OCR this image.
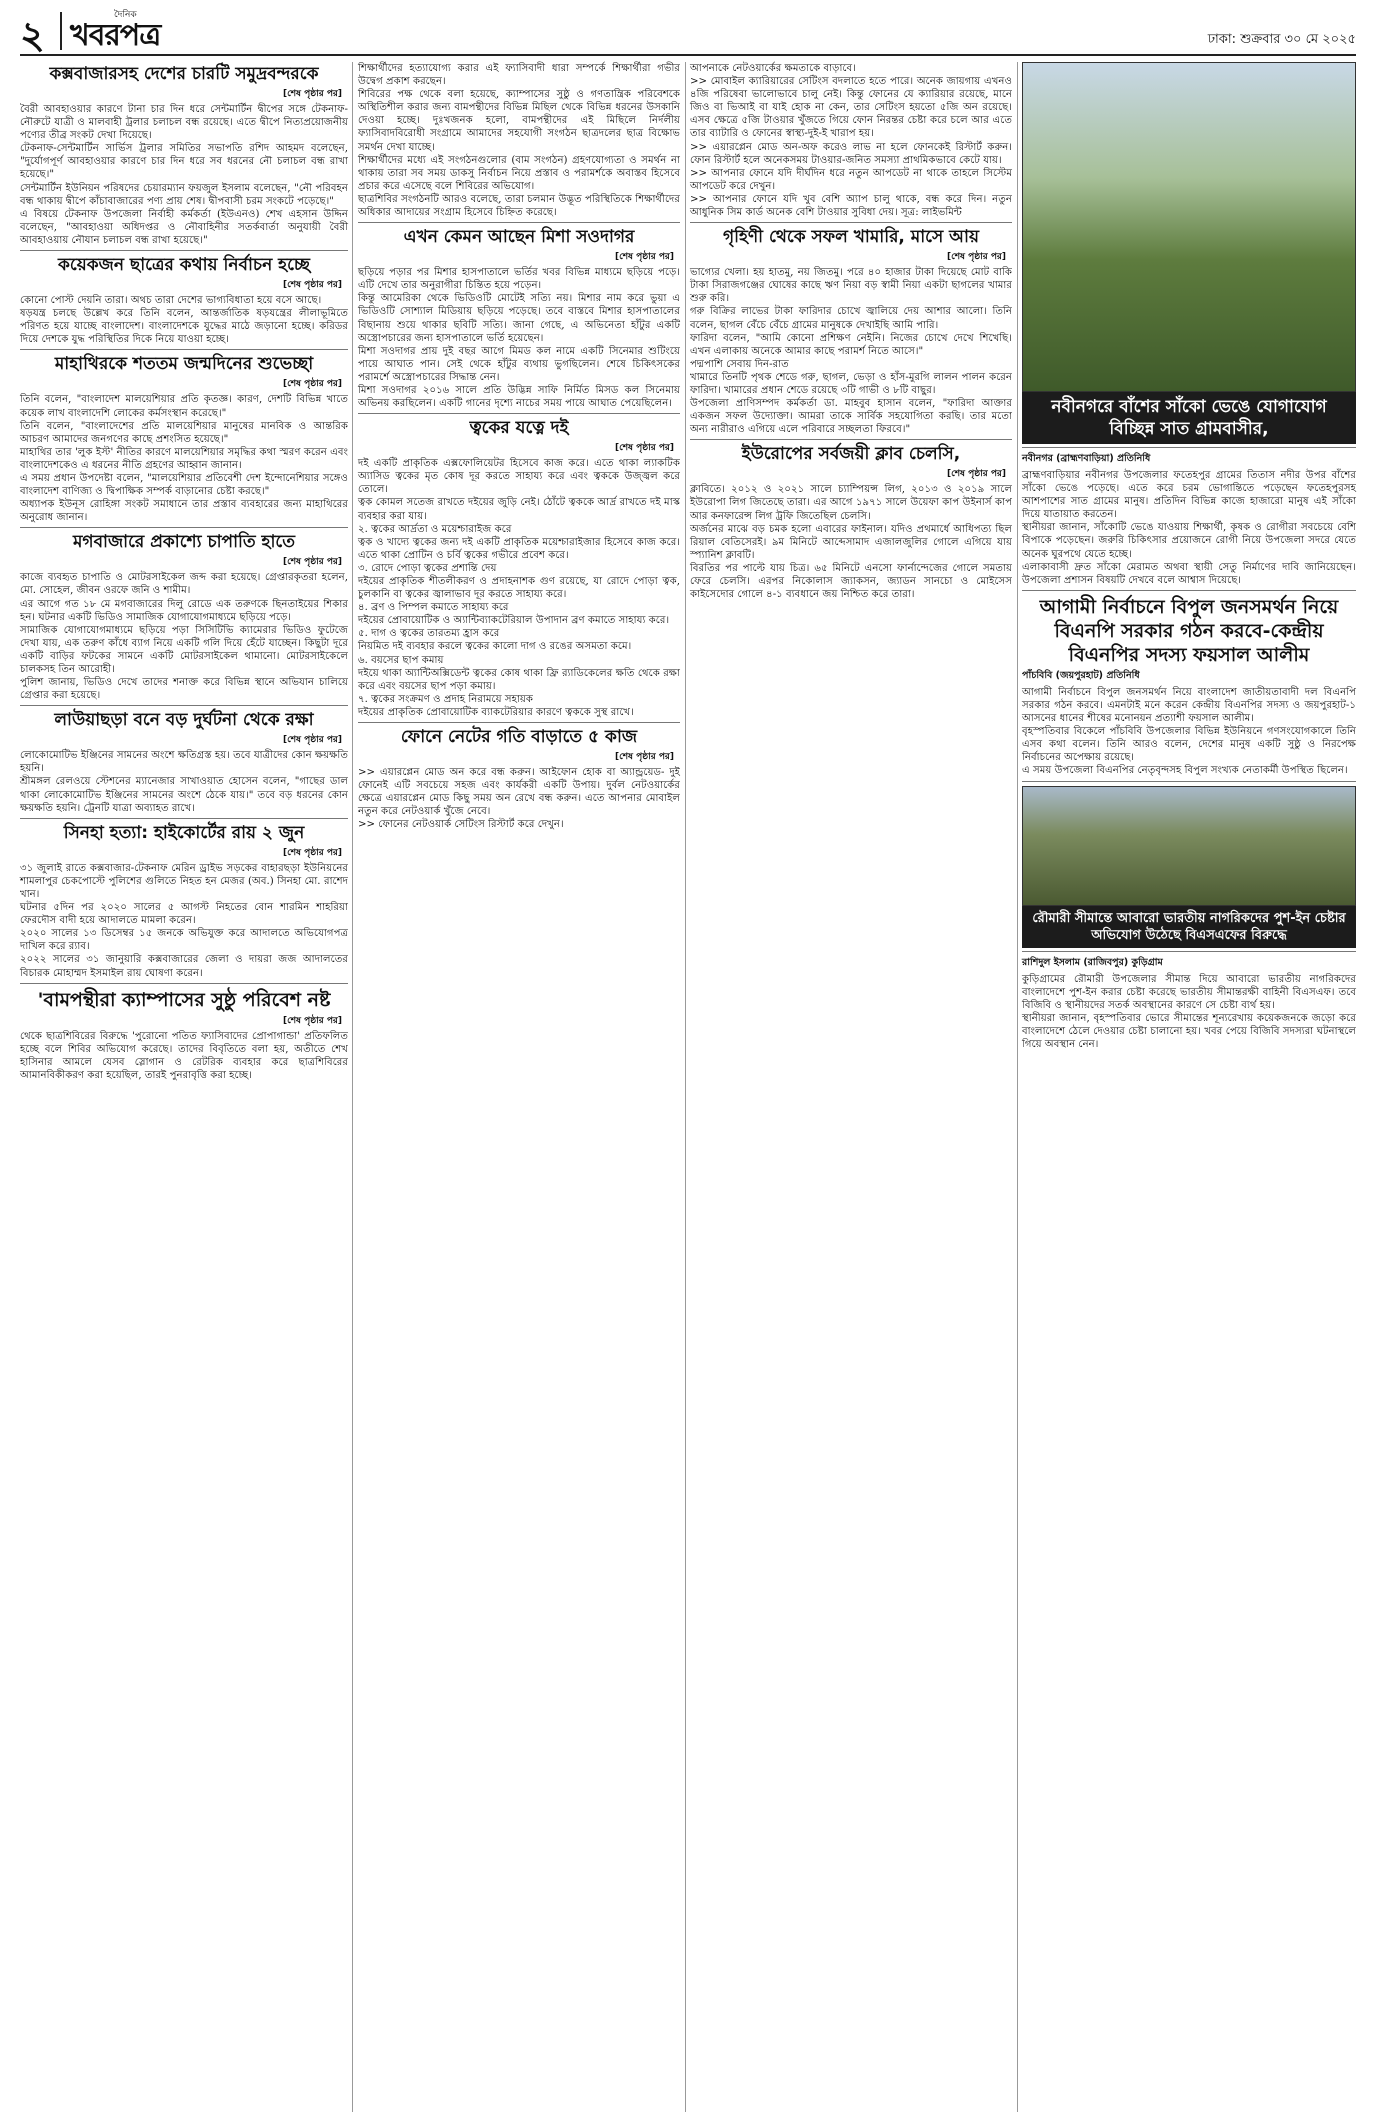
২	দৈনিক
খবরপত্র	ঢাকা: শুক্রবার ৩০ মে ২০২৫
কক্সবাজারসহ দেশের চারটি সমুদ্রবন্দরকে
[শেষ পৃষ্ঠার পর]
বৈরী আবহাওয়ার কারণে টানা চার দিন ধরে সেন্টমার্টিন দ্বীপের সঙ্গে টেকনাফ-নৌরুটে যাত্রী ও মালবাহী ট্রলার চলাচল বন্ধ রয়েছে। এতে দ্বীপে নিত্যপ্রয়োজনীয় পণ্যের তীব্র সংকট দেখা দিয়েছে।
টেকনাফ-সেন্টমার্টিন সার্ভিস ট্রলার সমিতির সভাপতি রশিদ আহমদ বলেছেন, "দুর্যোগপূর্ণ আবহাওয়ার কারণে চার দিন ধরে সব ধরনের নৌ চলাচল বন্ধ রাখা হয়েছে।"
সেন্টমার্টিন ইউনিয়ন পরিষদের চেয়ারম্যান ফয়জুল ইসলাম বলেছেন, "নৌ পরিবহন বন্ধ থাকায় দ্বীপে কাঁচাবাজারের পণ্য প্রায় শেষ। দ্বীপবাসী চরম সংকটে পড়েছে।"
এ বিষয়ে টেকনাফ উপজেলা নির্বাহী কর্মকর্তা (ইউএনও) শেখ এহসান উদ্দিন বলেছেন, "আবহাওয়া অধিদপ্তর ও নৌবাহিনীর সতর্কবার্তা অনুযায়ী বৈরী আবহাওয়ায় নৌযান চলাচল বন্ধ রাখা হয়েছে।"
কয়েকজন ছাত্রের কথায় নির্বাচন হচ্ছে
[শেষ পৃষ্ঠার পর]
কোনো পোস্ট দেয়নি তারা। অথচ তারা দেশের ভাগ্যবিধাতা হয়ে বসে আছে।
ষড়যন্ত্র চলছে উল্লেখ করে তিনি বলেন, আন্তর্জাতিক ষড়যন্ত্রের লীলাভূমিতে পরিণত হয়ে যাচ্ছে বাংলাদেশ। বাংলাদেশকে যুদ্ধের মাঠে জড়ানো হচ্ছে। করিডর দিয়ে দেশকে যুদ্ধ পরিস্থিতির দিকে নিয়ে যাওয়া হচ্ছে।
মাহাথিরকে শততম জন্মদিনের শুভেচ্ছা
[শেষ পৃষ্ঠার পর]
তিনি বলেন, "বাংলাদেশ মালয়েশিয়ার প্রতি কৃতজ্ঞ। কারণ, দেশটি বিভিন্ন খাতে কয়েক লাখ বাংলাদেশি লোকের কর্মসংস্থান করেছে।"
তিনি বলেন, "বাংলাদেশের প্রতি মালয়েশিয়ার মানুষের মানবিক ও আন্তরিক আচরণ আমাদের জনগণের কাছে প্রশংসিত হয়েছে।"
মাহাথির তার 'লুক ইস্ট' নীতির কারণে মালয়েশিয়ার সমৃদ্ধির কথা স্মরণ করেন এবং বাংলাদেশকেও এ ধরনের নীতি গ্রহণের আহ্বান জানান।
এ সময় প্রধান উপদেষ্টা বলেন, "মালয়েশিয়ার প্রতিবেশী দেশ ইন্দোনেশিয়ার সঙ্গেও বাংলাদেশ বাণিজ্য ও দ্বিপাক্ষিক সম্পর্ক বাড়ানোর চেষ্টা করছে।"
অধ্যাপক ইউনূস রোহিঙ্গা সংকট সমাধানে তার প্রস্তাব ব্যবহারের জন্য মাহাথিরের অনুরোধ জানান।
মগবাজারে প্রকাশ্যে চাপাতি হাতে
[শেষ পৃষ্ঠার পর]
কাজে ব্যবহৃত চাপাতি ও মোটরসাইকেল জব্দ করা হয়েছে। গ্রেপ্তারকৃতরা হলেন, মো. সোহেল, জীবন ওরফে জনি ও শামীম।
এর আগে গত ১৮ মে মগবাজারের দিলু রোডে এক তরুণকে ছিনতাইয়ের শিকার হন। ঘটনার একটি ভিডিও সামাজিক যোগাযোগমাধ্যমে ছড়িয়ে পড়ে।
সামাজিক যোগাযোগমাধ্যমে ছড়িয়ে পড়া সিসিটিভি ক্যামেরার ভিডিও ফুটেজে দেখা যায়, এক তরুণ কাঁধে ব্যাগ নিয়ে একটি গলি দিয়ে হেঁটে যাচ্ছেন। কিছুটা দূরে একটি বাড়ির ফটকের সামনে একটি মোটরসাইকেল থামানো। মোটরসাইকেলে চালকসহ তিন আরোহী।
পুলিশ জানায়, ভিডিও দেখে তাদের শনাক্ত করে বিভিন্ন স্থানে অভিযান চালিয়ে গ্রেপ্তার করা হয়েছে।
লাউয়াছড়া বনে বড় দুর্ঘটনা থেকে রক্ষা
[শেষ পৃষ্ঠার পর]
লোকোমোটিভ ইঞ্জিনের সামনের অংশে ক্ষতিগ্রস্ত হয়। তবে যাত্রীদের কোন ক্ষয়ক্ষতি হয়নি।
শ্রীমঙ্গল রেলওয়ে স্টেশনের ম্যানেজার সাখাওয়াত হোসেন বলেন, "গাছের ডাল থাকা লোকোমোটিভ ইঞ্জিনের সামনের অংশে ঠেকে যায়।" তবে বড় ধরনের কোন ক্ষয়ক্ষতি হয়নি। ট্রেনটি যাত্রা অব্যাহত রাখে।
সিনহা হত্যা: হাইকোর্টের রায় ২ জুন
[শেষ পৃষ্ঠার পর]
৩১ জুলাই রাতে কক্সবাজার-টেকনাফ মেরিন ড্রাইভ সড়কের বাহারছড়া ইউনিয়নের শামলাপুর চেকপোস্টে পুলিশের গুলিতে নিহত হন মেজর (অব.) সিনহা মো. রাশেদ খান।
ঘটনার ৫দিন পর ২০২০ সালের ৫ আগস্ট নিহতের বোন শারমিন শাহরিয়া ফেরদৌস বাদী হয়ে আদালতে মামলা করেন।
২০২০ সালের ১৩ ডিসেম্বর ১৫ জনকে অভিযুক্ত করে আদালতে অভিযোগপত্র দাখিল করে র‍্যাব।
২০২২ সালের ৩১ জানুয়ারি কক্সবাজারের জেলা ও দায়রা জজ আদালতের বিচারক মোহাম্মদ ইসমাইল রায় ঘোষণা করেন।
'বামপন্থীরা ক্যাম্পাসের সুষ্ঠু পরিবেশ নষ্ট
[শেষ পৃষ্ঠার পর]
থেকে ছাত্রশিবিরের বিরুদ্ধে 'পুরোনো পতিত ফ্যাসিবাদের প্রোপাগান্ডা' প্রতিফলিত হচ্ছে বলে শিবির অভিযোগ করেছে। তাদের বিবৃতিতে বলা হয়, অতীতে শেখ হাসিনার আমলে যেসব স্লোগান ও রেটরিক ব্যবহার করে ছাত্রশিবিরের আমানবিকীকরণ করা হয়েছিল, তারই পুনরাবৃত্তি করা হচ্ছে।
শিক্ষার্থীদের হত্যাযোগ্য করার এই ফ্যাসিবাদী ধারা সম্পর্কে শিক্ষার্থীরা গভীর উদ্বেগ প্রকাশ করছেন।
শিবিরের পক্ষ থেকে বলা হয়েছে, ক্যাম্পাসের সুষ্ঠু ও গণতান্ত্রিক পরিবেশকে অস্থিতিশীল করার জন্য বামপন্থীদের বিভিন্ন মিছিল থেকে বিভিন্ন ধরনের উসকানি দেওয়া হচ্ছে। দুঃখজনক হলো, বামপন্থীদের এই মিছিলে নির্দলীয় ফ্যাসিবাদবিরোধী সংগ্রামে আমাদের সহযোগী সংগঠন ছাত্রদলের ছাত্র বিক্ষোভ সমর্থন দেখা যাচ্ছে।
শিক্ষার্থীদের মধ্যে এই সংগঠনগুলোর (বাম সংগঠন) গ্রহণযোগ্যতা ও সমর্থন না থাকায় তারা সব সময় ডাকসু নির্বাচন নিয়ে প্রস্তাব ও পরামর্শকে অবাস্তব হিসেবে প্রচার করে এসেছে বলে শিবিরের অভিযোগ।
ছাত্রশিবির সংগঠনটি আরও বলেছে, তারা চলমান উদ্ভূত পরিস্থিতিকে শিক্ষার্থীদের অধিকার আদায়ের সংগ্রাম হিসেবে চিহ্নিত করেছে।
এখন কেমন আছেন মিশা সওদাগর
[শেষ পৃষ্ঠার পর]
ছড়িয়ে পড়ার পর মিশার হাসপাতালে ভর্তির খবর বিভিন্ন মাধ্যমে ছড়িয়ে পড়ে। এটি দেখে তার অনুরাগীরা চিন্তিত হয়ে পড়েন।
কিন্তু আমেরিকা থেকে ভিডিওটি মোটেই সত্যি নয়। মিশার নাম করে ভুয়া এ ভিডিওটি সোশ্যাল মিডিয়ায় ছড়িয়ে পড়েছে। তবে বাস্তবে মিশার হাসপাতালের বিছানায় শুয়ে থাকার ছবিটি সত্যি। জানা গেছে, এ অভিনেতা হাঁটুর একটি অস্ত্রোপচারের জন্য হাসপাতালে ভর্তি হয়েছেন।
মিশা সওদাগর প্রায় দুই বছর আগে মিমড কল নামে একটি সিনেমার শুটিংয়ে পায়ে আঘাত পান। সেই থেকে হাঁটুর ব্যথায় ভুগছিলেন। শেষে চিকিৎসকের পরামর্শে অস্ত্রোপচারের সিদ্ধান্ত নেন।
মিশা সওদাগর ২০১৬ সালে প্রতি উদ্ভিন্ন সাফি নির্মিত মিসড কল সিনেমায় অভিনয় করছিলেন। একটি গানের দৃশ্যে নাচের সময় পায়ে আঘাত পেয়েছিলেন।
ত্বকের যত্নে দই
[শেষ পৃষ্ঠার পর]
দই একটি প্রাকৃতিক এক্সফোলিয়েটর হিসেবে কাজ করে। এতে থাকা ল্যাকটিক অ্যাসিড ত্বকের মৃত কোষ দূর করতে সাহায্য করে এবং ত্বককে উজ্জ্বল করে তোলে।
ত্বক কোমল সতেজ রাখতে দইয়ের জুড়ি নেই। ঠোঁটে ত্বককে আর্দ্র রাখতে দই মাস্ক ব্যবহার করা যায়।
২. ত্বকের আর্দ্রতা ও ময়েশ্চারাইজ করে
ত্বক ও খাদ্যে ত্বকের জন্য দই একটি প্রাকৃতিক ময়েশ্চারাইজার হিসেবে কাজ করে। এতে থাকা প্রোটিন ও চর্বি ত্বকের গভীরে প্রবেশ করে।
৩. রোদে পোড়া ত্বকের প্রশান্তি দেয়
দইয়ের প্রাকৃতিক শীতলীকরণ ও প্রদাহনাশক গুণ রয়েছে, যা রোদে পোড়া ত্বক, চুলকানি বা ত্বকের জ্বালাভাব দূর করতে সাহায্য করে।
৪. ব্রণ ও পিম্পল কমাতে সাহায্য করে
দইয়ের প্রোবায়োটিক ও অ্যান্টিব্যাকটেরিয়াল উপাদান ব্রণ কমাতে সাহায্য করে।
৫. দাগ ও ত্বকের তারতম্য হ্রাস করে
নিয়মিত দই ব্যবহার করলে ত্বকের কালো দাগ ও রঙের অসমতা কমে।
৬. বয়সের ছাপ কমায়
দইয়ে থাকা অ্যান্টিঅক্সিডেন্ট ত্বকের কোষ থাকা ফ্রি র‍্যাডিকেলের ক্ষতি থেকে রক্ষা করে এবং বয়সের ছাপ পড়া কমায়।
৭. ত্বকের সংক্রমণ ও প্রদাহ নিরাময়ে সহায়ক
দইয়ের প্রাকৃতিক প্রোবায়োটিক ব্যাকটেরিয়ার কারণে ত্বককে সুস্থ রাখে।
ফোনে নেটের গতি বাড়াতে ৫ কাজ
[শেষ পৃষ্ঠার পর]
>> এয়ারপ্লেন মোড অন করে বন্ধ করুন। আইফোন হোক বা অ্যান্ড্রয়েড- দুই ফোনেই এটি সবচেয়ে সহজ এবং কার্যকরী একটি উপায়। দুর্বল নেটওয়ার্কের ক্ষেত্রে এয়ারপ্লেন মোড কিছু সময় অন রেখে বন্ধ করুন। এতে আপনার মোবাইল নতুন করে নেটওয়ার্ক খুঁজে নেবে।
>> ফোনের নেটওয়ার্ক সেটিংস রিস্টার্ট করে দেখুন।
আপনাকে নেটওয়ার্কের ক্ষমতাকে বাড়াবে।
>> মোবাইল ক্যারিয়ারের সেটিংস বদলাতে হতে পারে। অনেক জায়গায় এখনও ৪জি পরিষেবা ভালোভাবে চালু নেই। কিন্তু ফোনের যে ক্যারিয়ার রয়েছে, মানে জিও বা ভিআই বা যাই হোক না কেন, তার সেটিংস হয়তো ৫জি অন রয়েছে। এসব ক্ষেত্রে ৫জি টাওয়ার খুঁজতে গিয়ে ফোন নিরন্তর চেষ্টা করে চলে আর এতে তার ব্যাটারি ও ফোনের স্বাস্থ্য-দুই-ই খারাপ হয়।
>> এয়ারপ্লেন মোড অন-অফ করেও লাভ না হলে ফোনকেই রিস্টার্ট করুন। ফোন রিস্টার্ট হলে অনেকসময় টাওয়ার-জনিত সমস্যা প্রাথমিকভাবে কেটে যায়।
>> আপনার ফোনে যদি দীর্ঘদিন ধরে নতুন আপডেট না থাকে তাহলে সিস্টেম আপডেট করে দেখুন।
>> আপনার ফোনে যদি খুব বেশি অ্যাপ চালু থাকে, বন্ধ করে দিন। নতুন আধুনিক সিম কার্ড অনেক বেশি টাওয়ার সুবিধা দেয়। সূত্র: লাইভমিন্ট
গৃহিণী থেকে সফল খামারি, মাসে আয়
[শেষ পৃষ্ঠার পর]
ভাগ্যের খেলা। হয় হাতমু, নয় জিতমু। পরে ৪০ হাজার টাকা দিয়েছে মোট বাকি টাকা সিরাজগঞ্জের ঘোষের কাছে ঋণ নিয়া বড় স্বামী নিয়া একটা ছাগলের খামার শুরু করি।
গরু বিক্রির লাভের টাকা ফারিদার চোখে জ্বালিয়ে দেয় আশার আলো। তিনি বলেন, ছাগল বেঁচে বেঁচে গ্রামের মানুষকে দেখাইছি আমি পারি।
ফারিদা বলেন, "আমি কোনো প্রশিক্ষণ নেইনি। নিজের চোখে দেখে শিখেছি। এখন এলাকায় অনেকে আমার কাছে পরামর্শ নিতে আসে।"
পদ্মপাশি সেবায় দিন-রাত
খামারে তিনটি পৃথক শেডে গরু, ছাগল, ভেড়া ও হাঁস-মুরগি লালন পালন করেন ফারিদা। খামারের প্রধান শেডে রয়েছে ৩টি গাভী ও ৮টি বাছুর।
উপজেলা প্রাণিসম্পদ কর্মকর্তা ডা. মাহবুব হাসান বলেন, "ফারিদা আক্তার একজন সফল উদ্যোক্তা। আমরা তাকে সার্বিক সহযোগিতা করছি। তার মতো অন্য নারীরাও এগিয়ে এলে পরিবারে সচ্ছলতা ফিরবে।"
ইউরোপের সর্বজয়ী ক্লাব চেলসি,
[শেষ পৃষ্ঠার পর]
ক্লাবিতে। ২০১২ ও ২০২১ সালে চ্যাম্পিয়ন্স লিগ, ২০১৩ ও ২০১৯ সালে ইউরোপা লিগ জিতেছে তারা। এর আগে ১৯৭১ সালে উয়েফা কাপ উইনার্স কাপ আর কনফারেন্স লিগ ট্রফি জিতেছিল চেলসি।
অর্জনের মাঝে বড় চমক হলো এবারের ফাইনাল। যদিও প্রথমার্ধে আধিপত্য ছিল রিয়াল বেতিসেরই। ৯ম মিনিটে আব্দেসামাদ এজালজুলির গোলে এগিয়ে যায় স্প্যানিশ ক্লাবটি।
বিরতির পর পাল্টে যায় চিত্র। ৬৫ মিনিটে এনসো ফার্নান্দেজের গোলে সমতায় ফেরে চেলসি। এরপর নিকোলাস জ্যাকসন, জ্যাডন সানচো ও মোইসেস কাইসেদোর গোলে ৪-১ ব্যবধানে জয় নিশ্চিত করে তারা।
নবীনগরে বাঁশের সাঁকো ভেঙে যোগাযোগ বিচ্ছিন্ন সাত গ্রামবাসীর,
নবীনগর (ব্রাহ্মণবাড়িয়া) প্রতিনিধি
ব্রাহ্মণবাড়িয়ার নবীনগর উপজেলার ফতেহপুর গ্রামের তিতাস নদীর উপর বাঁশের সাঁকো ভেঙে পড়েছে। এতে করে চরম ভোগান্তিতে পড়েছেন ফতেহপুরসহ আশপাশের সাত গ্রামের মানুষ। প্রতিদিন বিভিন্ন কাজে হাজারো মানুষ এই সাঁকো দিয়ে যাতায়াত করতেন।
স্থানীয়রা জানান, সাঁকোটি ভেঙে যাওয়ায় শিক্ষার্থী, কৃষক ও রোগীরা সবচেয়ে বেশি বিপাকে পড়েছেন। জরুরি চিকিৎসার প্রয়োজনে রোগী নিয়ে উপজেলা সদরে যেতে অনেক ঘুরপথে যেতে হচ্ছে।
এলাকাবাসী দ্রুত সাঁকো মেরামত অথবা স্থায়ী সেতু নির্মাণের দাবি জানিয়েছেন। উপজেলা প্রশাসন বিষয়টি দেখবে বলে আশ্বাস দিয়েছে।
আগামী নির্বাচনে বিপুল জনসমর্থন নিয়ে বিএনপি সরকার গঠন করবে-কেন্দ্রীয় বিএনপির সদস্য ফয়সাল আলীম
পাঁচবিবি (জয়পুরহাট) প্রতিনিধি
আগামী নির্বাচনে বিপুল জনসমর্থন নিয়ে বাংলাদেশ জাতীয়তাবাদী দল বিএনপি সরকার গঠন করবে। এমনটাই মনে করেন কেন্দ্রীয় বিএনপির সদস্য ও জয়পুরহাট-১ আসনের ধানের শীষের মনোনয়ন প্রত্যাশী ফয়সাল আলীম।
বৃহস্পতিবার বিকেলে পাঁচবিবি উপজেলার বিভিন্ন ইউনিয়নে গণসংযোগকালে তিনি এসব কথা বলেন। তিনি আরও বলেন, দেশের মানুষ একটি সুষ্ঠু ও নিরপেক্ষ নির্বাচনের অপেক্ষায় রয়েছে।
এ সময় উপজেলা বিএনপির নেতৃবৃন্দসহ বিপুল সংখ্যক নেতাকর্মী উপস্থিত ছিলেন।
রৌমারী সীমান্তে আবারো ভারতীয় নাগরিকদের পুশ-ইন চেষ্টার অভিযোগ উঠেছে বিএসএফের বিরুদ্ধে
রাশিদুল ইসলাম (রাজিবপুর) কুড়িগ্রাম
কুড়িগ্রামের রৌমারী উপজেলার সীমান্ত দিয়ে আবারো ভারতীয় নাগরিকদের বাংলাদেশে পুশ-ইন করার চেষ্টা করেছে ভারতীয় সীমান্তরক্ষী বাহিনী বিএসএফ। তবে বিজিবি ও স্থানীয়দের সতর্ক অবস্থানের কারণে সে চেষ্টা ব্যর্থ হয়।
স্থানীয়রা জানান, বৃহস্পতিবার ভোরে সীমান্তের শূন্যরেখায় কয়েকজনকে জড়ো করে বাংলাদেশে ঠেলে দেওয়ার চেষ্টা চালানো হয়। খবর পেয়ে বিজিবি সদস্যরা ঘটনাস্থলে গিয়ে অবস্থান নেন।
